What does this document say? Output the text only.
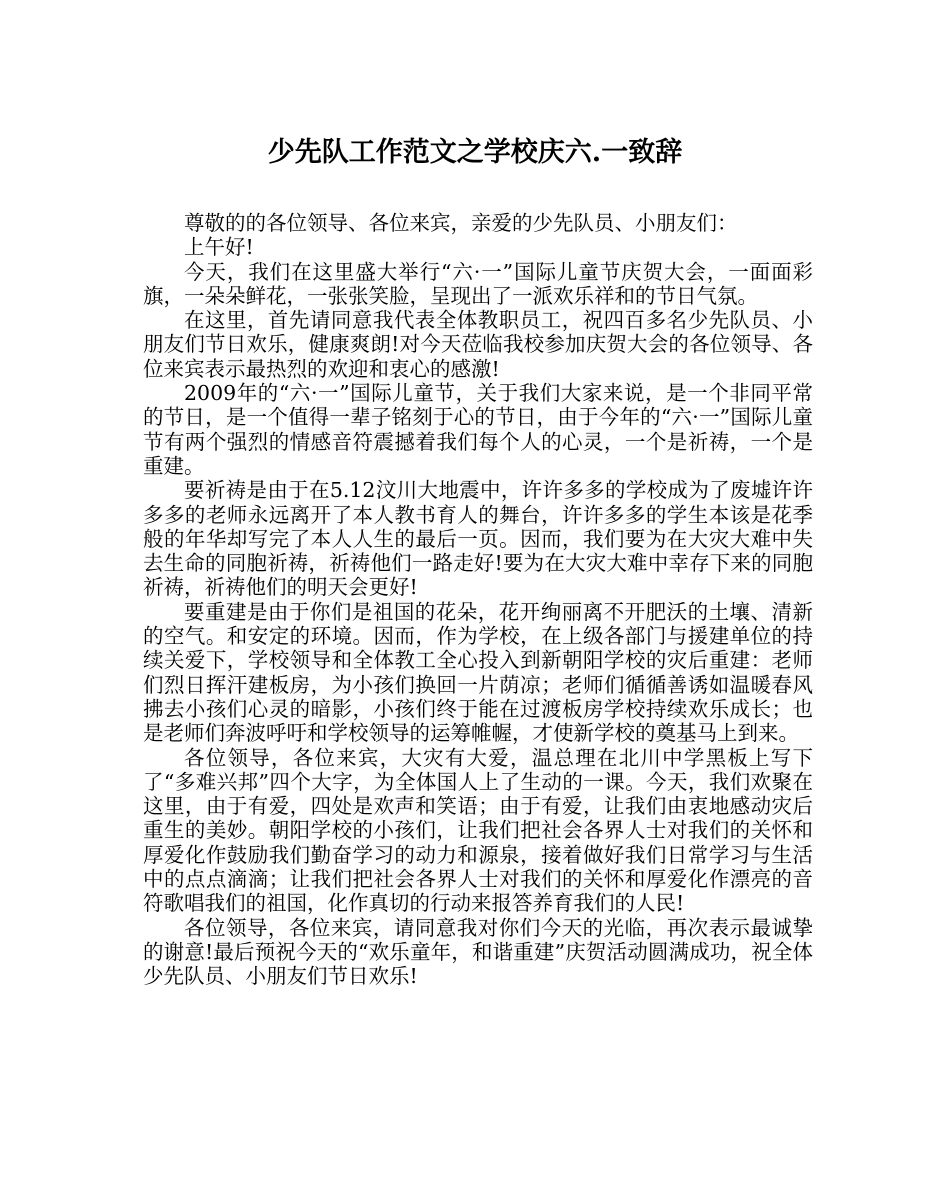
少先队工作范文之学校庆六.一致辞

尊敬的的各位领导、各位来宾，亲爱的少先队员、小朋友们：

上午好!

今天，我们在这里盛大举行“六·一”国际儿童节庆贺大会，一面面彩旗，一朵朵鲜花，一张张笑脸，呈现出了一派欢乐祥和的节日气氛。

在这里，首先请同意我代表全体教职员工，祝四百多名少先队员、小朋友们节日欢乐，健康爽朗!对今天莅临我校参加庆贺大会的各位领导、各位来宾表示最热烈的欢迎和衷心的感激!

2009年的“六·一”国际儿童节，关于我们大家来说，是一个非同平常的节日，是一个值得一辈子铭刻于心的节日，由于今年的“六·一”国际儿童节有两个强烈的情感音符震撼着我们每个人的心灵，一个是祈祷，一个是重建。

要祈祷是由于在5.12汶川大地震中，许许多多的学校成为了废墟许许多多的老师永远离开了本人教书育人的舞台，许许多多的学生本该是花季般的年华却写完了本人人生的最后一页。因而，我们要为在大灾大难中失去生命的同胞祈祷，祈祷他们一路走好!要为在大灾大难中幸存下来的同胞祈祷，祈祷他们的明天会更好!

要重建是由于你们是祖国的花朵，花开绚丽离不开肥沃的土壤、清新的空气。和安定的环境。因而，作为学校，在上级各部门与援建单位的持续关爱下，学校领导和全体教工全心投入到新朝阳学校的灾后重建：老师们烈日挥汗建板房，为小孩们换回一片荫凉；老师们循循善诱如温暖春风拂去小孩们心灵的暗影，小孩们终于能在过渡板房学校持续欢乐成长；也是老师们奔波呼吁和学校领导的运筹帷幄，才使新学校的奠基马上到来。

各位领导，各位来宾，大灾有大爱，温总理在北川中学黑板上写下了“多难兴邦”四个大字，为全体国人上了生动的一课。今天，我们欢聚在这里，由于有爱，四处是欢声和笑语；由于有爱，让我们由衷地感动灾后重生的美妙。朝阳学校的小孩们，让我们把社会各界人士对我们的关怀和厚爱化作鼓励我们勤奋学习的动力和源泉，接着做好我们日常学习与生活中的点点滴滴；让我们把社会各界人士对我们的关怀和厚爱化作漂亮的音符歌唱我们的祖国，化作真切的行动来报答养育我们的人民!

各位领导，各位来宾，请同意我对你们今天的光临，再次表示最诚挚的谢意!最后预祝今天的“欢乐童年，和谐重建”庆贺活动圆满成功，祝全体少先队员、小朋友们节日欢乐!
